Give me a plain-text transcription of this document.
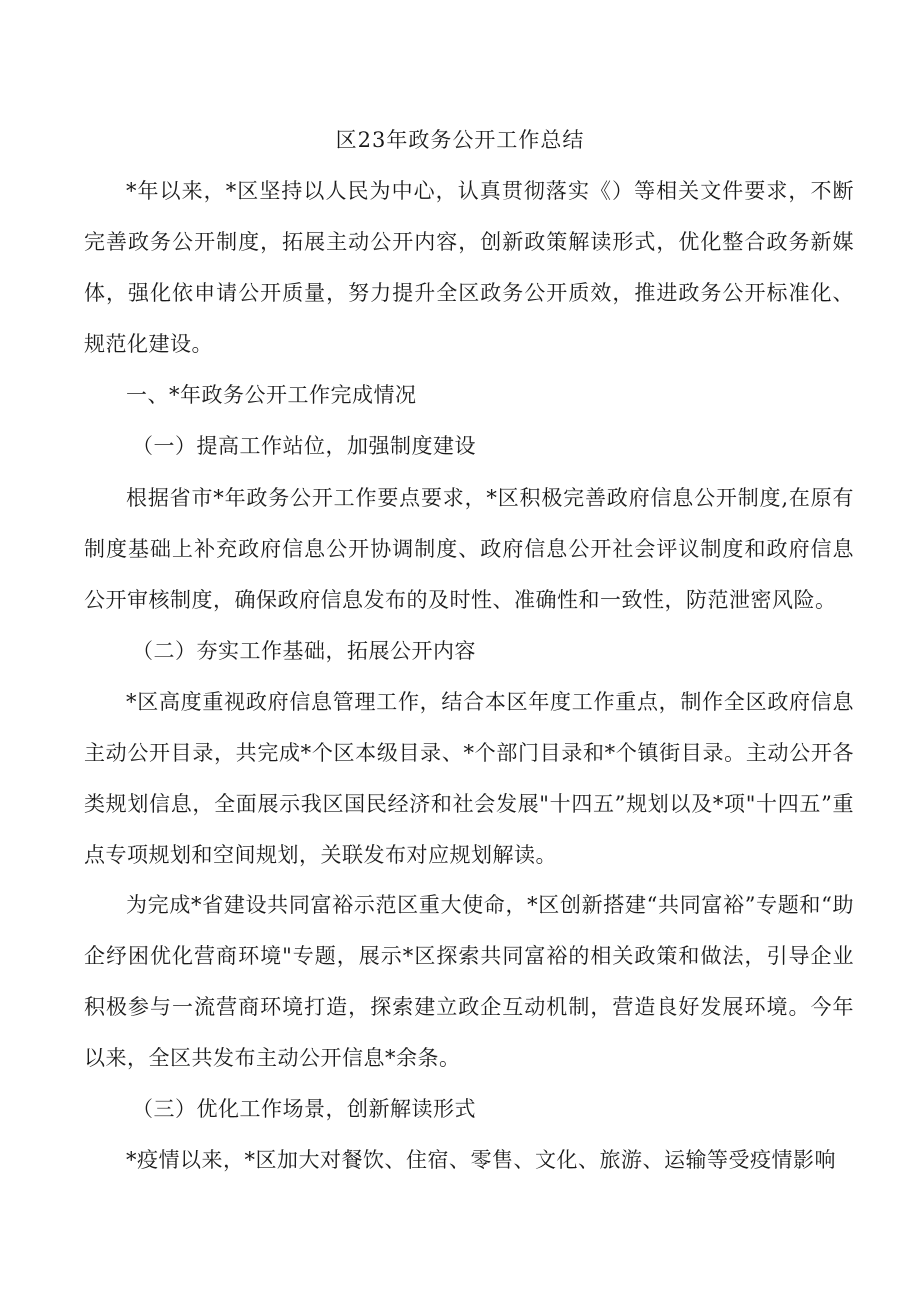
区23年政务公开工作总结

*年以来，*区坚持以人民为中心，认真贯彻落实《）等相关文件要求，不断完善政务公开制度，拓展主动公开内容，创新政策解读形式，优化整合政务新媒体，强化依申请公开质量，努力提升全区政务公开质效，推进政务公开标准化、规范化建设。

一、*年政务公开工作完成情况
（一）提高工作站位，加强制度建设

根据省市*年政务公开工作要点要求，*区积极完善政府信息公开制度,在原有制度基础上补充政府信息公开协调制度、政府信息公开社会评议制度和政府信息公开审核制度，确保政府信息发布的及时性、准确性和一致性，防范泄密风险。

（二）夯实工作基础，拓展公开内容

*区高度重视政府信息管理工作，结合本区年度工作重点，制作全区政府信息主动公开目录，共完成*个区本级目录、*个部门目录和*个镇街目录。主动公开各类规划信息，全面展示我区国民经济和社会发展"十四五”规划以及*项"十四五”重点专项规划和空间规划，关联发布对应规划解读。

为完成*省建设共同富裕示范区重大使命，*区创新搭建“共同富裕”专题和“助企纾困优化营商环境"专题，展示*区探索共同富裕的相关政策和做法，引导企业积极参与一流营商环境打造，探索建立政企互动机制，营造良好发展环境。今年以来，全区共发布主动公开信息*余条。

（三）优化工作场景，创新解读形式

*疫情以来，*区加大对餐饮、住宿、零售、文化、旅游、运输等受疫情影响
